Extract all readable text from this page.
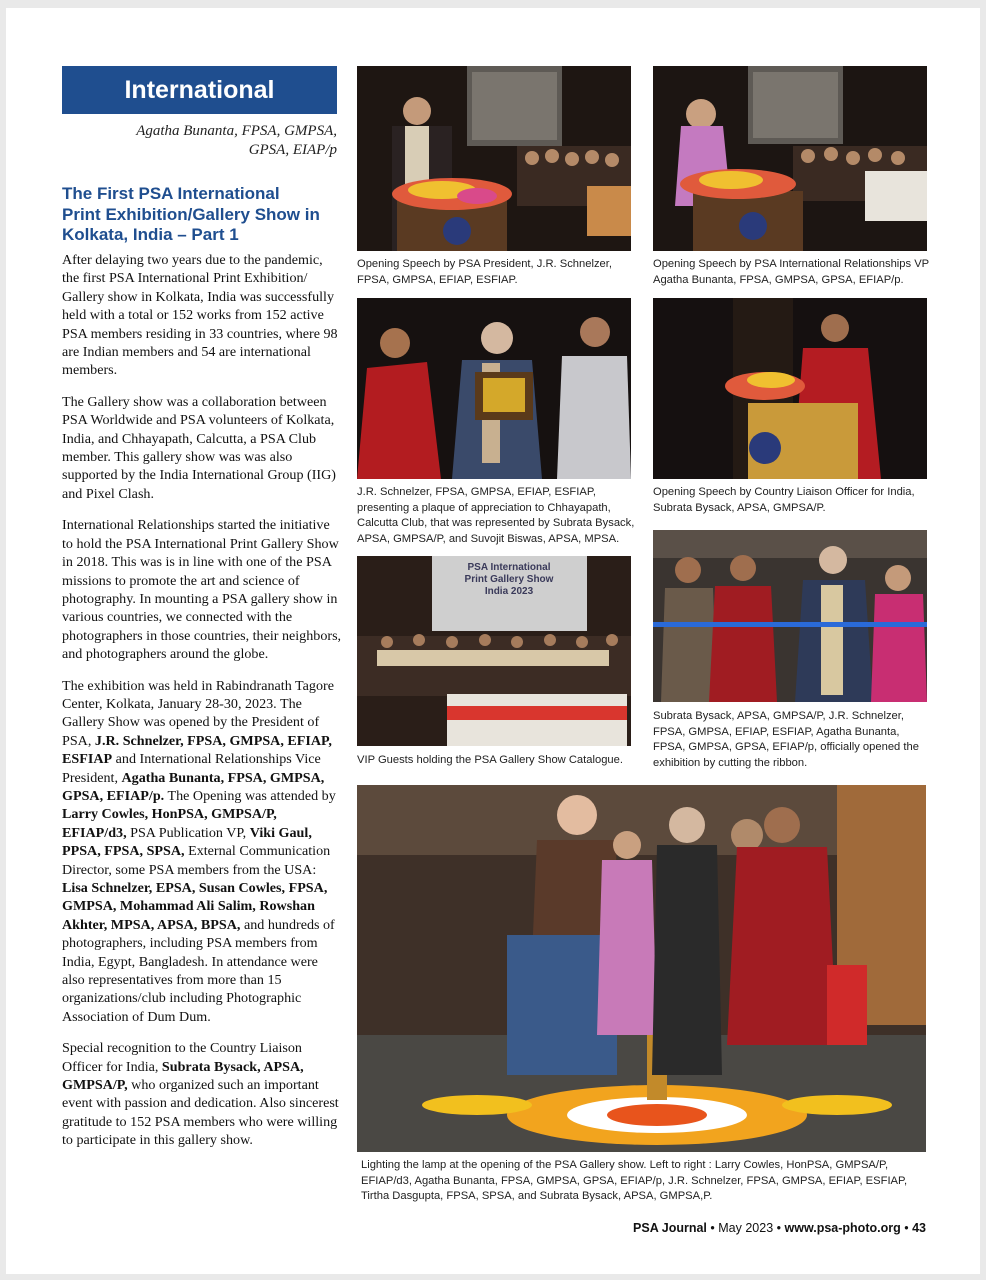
International
Agatha Bunanta, FPSA, GMPSA,
GPSA, EIAP/p
The First PSA International
Print Exhibition/Gallery Show in
Kolkata, India – Part 1

After delaying two years due to the pandemic, the first PSA International Print Exhibition/ Gallery show in Kolkata, India was successfully held with a total or 152 works from 152 active PSA members residing in 33 countries, where 98 are Indian members and 54 are international members.

The Gallery show was a collaboration between PSA Worldwide and PSA volunteers of Kolkata, India, and Chhayapath, Calcutta, a PSA Club member. This gallery show was was also supported by the India International Group (IIG) and Pixel Clash.

International Relationships started the initiative to hold the PSA International Print Gallery Show in 2018. This was is in line with one of the PSA missions to promote the art and science of photography. In mounting a PSA gallery show in various countries, we connected with the photographers in those countries, their neighbors, and photographers around the globe.

The exhibition was held in Rabindranath Tagore Center, Kolkata, January 28-30, 2023. The Gallery Show was opened by the President of PSA, J.R. Schnelzer, FPSA, GMPSA, EFIAP, ESFIAP and International Relationships Vice President, Agatha Bunanta, FPSA, GMPSA, GPSA, EFIAP/p. The Opening was attended by Larry Cowles, HonPSA, GMPSA/P, EFIAP/d3, PSA Publication VP, Viki Gaul, PPSA, FPSA, SPSA, External Communication Director, some PSA members from the USA: Lisa Schnelzer, EPSA, Susan Cowles, FPSA, GMPSA, Mohammad Ali Salim, Rowshan Akhter, MPSA, APSA, BPSA, and hundreds of photographers, including PSA members from India, Egypt, Bangladesh. In attendance were also representatives from more than 15 organizations/club including Photographic Association of Dum Dum.

Special recognition to the Country Liaison Officer for India, Subrata Bysack, APSA, GMPSA/P, who organized such an important event with passion and dedication. Also sincerest gratitude to 152 PSA members who were willing to participate in this gallery show.

Opening Speech by PSA President, J.R. Schnelzer, FPSA, GMPSA, EFIAP, ESFIAP.
Opening Speech by PSA International Relationships VP Agatha Bunanta, FPSA, GMPSA, GPSA, EFIAP/p.
J.R. Schnelzer, FPSA, GMPSA, EFIAP, ESFIAP, presenting a plaque of appreciation to Chhayapath, Calcutta Club, that was represented by Subrata Bysack, APSA, GMPSA/P, and Suvojit Biswas, APSA, MPSA.
Opening Speech by Country Liaison Officer for India, Subrata Bysack, APSA, GMPSA/P.
PSA International
Print Gallery Show
India 2023
VIP Guests holding the PSA Gallery Show Catalogue.
Subrata Bysack, APSA, GMPSA/P, J.R. Schnelzer, FPSA, GMPSA, EFIAP, ESFIAP, Agatha Bunanta, FPSA, GMPSA, GPSA, EFIAP/p, officially opened the exhibition by cutting the ribbon.
Lighting the lamp at the opening of the PSA Gallery show. Left to right : Larry Cowles, HonPSA, GMPSA/P, EFIAP/d3, Agatha Bunanta, FPSA, GMPSA, GPSA, EFIAP/p, J.R. Schnelzer, FPSA, GMPSA, EFIAP, ESFIAP, Tirtha Dasgupta, FPSA, SPSA, and Subrata Bysack, APSA, GMPSA,P.
PSA Journal • May 2023 • www.psa-photo.org • 43
